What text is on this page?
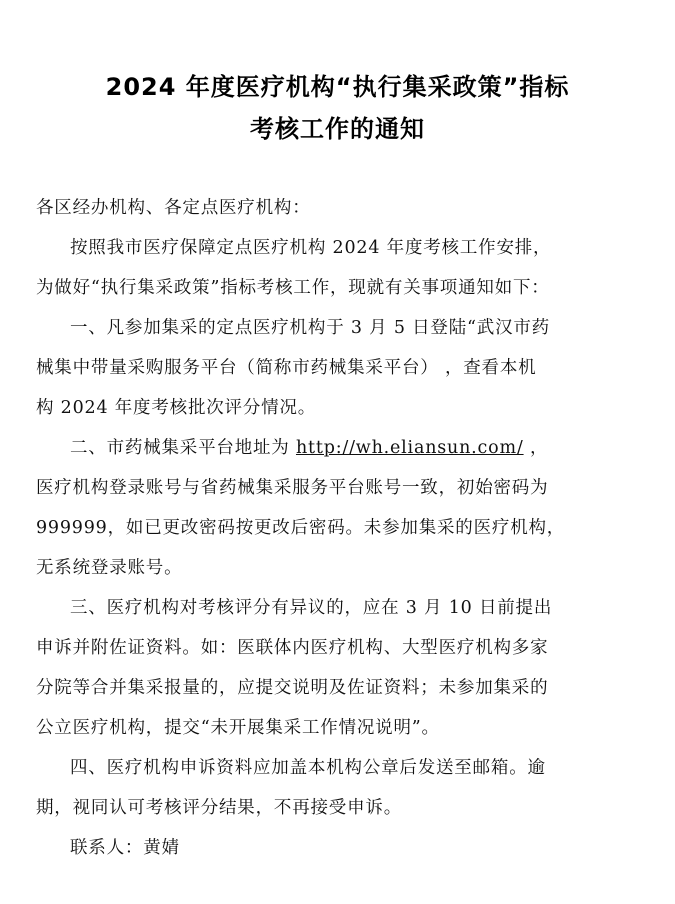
2024 年度医疗机构“执行集采政策”指标
考核工作的通知
各区经办机构、各定点医疗机构：
按照我市医疗保障定点医疗机构 2024 年度考核工作安排，
为做好“执行集采政策”指标考核工作，现就有关事项通知如下：
一、凡参加集采的定点医疗机构于 3 月 5 日登陆“武汉市药
械集中带量采购服务平台（简称市药械集采平台） ，查看本机
构 2024 年度考核批次评分情况。
二、市药械集采平台地址为 http://wh.eliansun.com/ ，
医疗机构登录账号与省药械集采服务平台账号一致，初始密码为
999999，如已更改密码按更改后密码。未参加集采的医疗机构，
无系统登录账号。
三、医疗机构对考核评分有异议的，应在 3 月 10 日前提出
申诉并附佐证资料。如：医联体内医疗机构、大型医疗机构多家
分院等合并集采报量的，应提交说明及佐证资料；未参加集采的
公立医疗机构，提交“未开展集采工作情况说明”。
四、医疗机构申诉资料应加盖本机构公章后发送至邮箱。逾
期，视同认可考核评分结果，不再接受申诉。
联系人：黄婧
